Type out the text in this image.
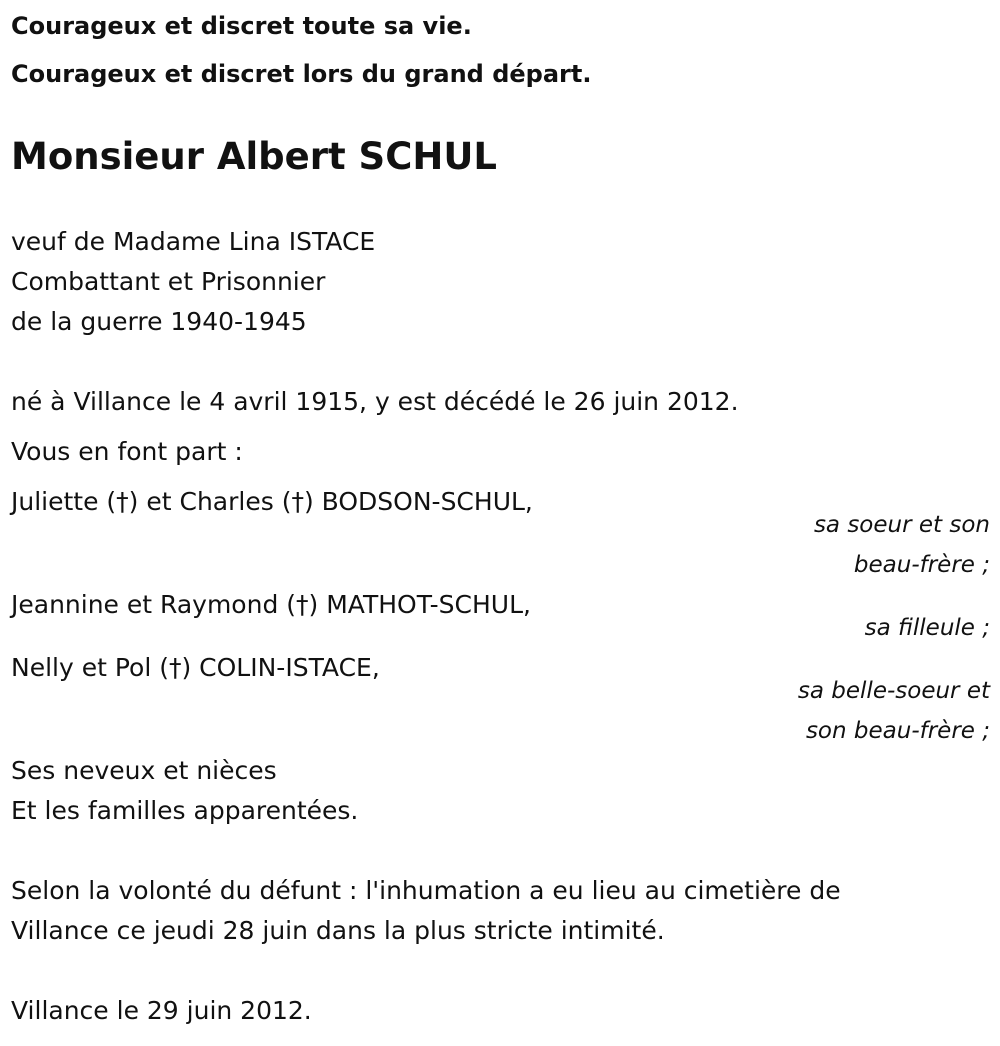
Courageux et discret toute sa vie.
Courageux et discret lors du grand départ.
Monsieur Albert SCHUL
veuf de Madame Lina ISTACE
Combattant et Prisonnier
de la guerre 1940-1945
né à Villance le 4 avril 1915, y est décédé le 26 juin 2012.
Vous en font part :
Juliette (†) et Charles (†) BODSON-SCHUL,
sa soeur et son
beau-frère ;
Jeannine et Raymond (†) MATHOT-SCHUL,
sa filleule ;
Nelly et Pol (†) COLIN-ISTACE,
sa belle-soeur et
son beau-frère ;
Ses neveux et nièces
Et les familles apparentées.
Selon la volonté du défunt : l'inhumation a eu lieu au cimetière de
Villance ce jeudi 28 juin dans la plus stricte intimité.
Villance le 29 juin 2012.
